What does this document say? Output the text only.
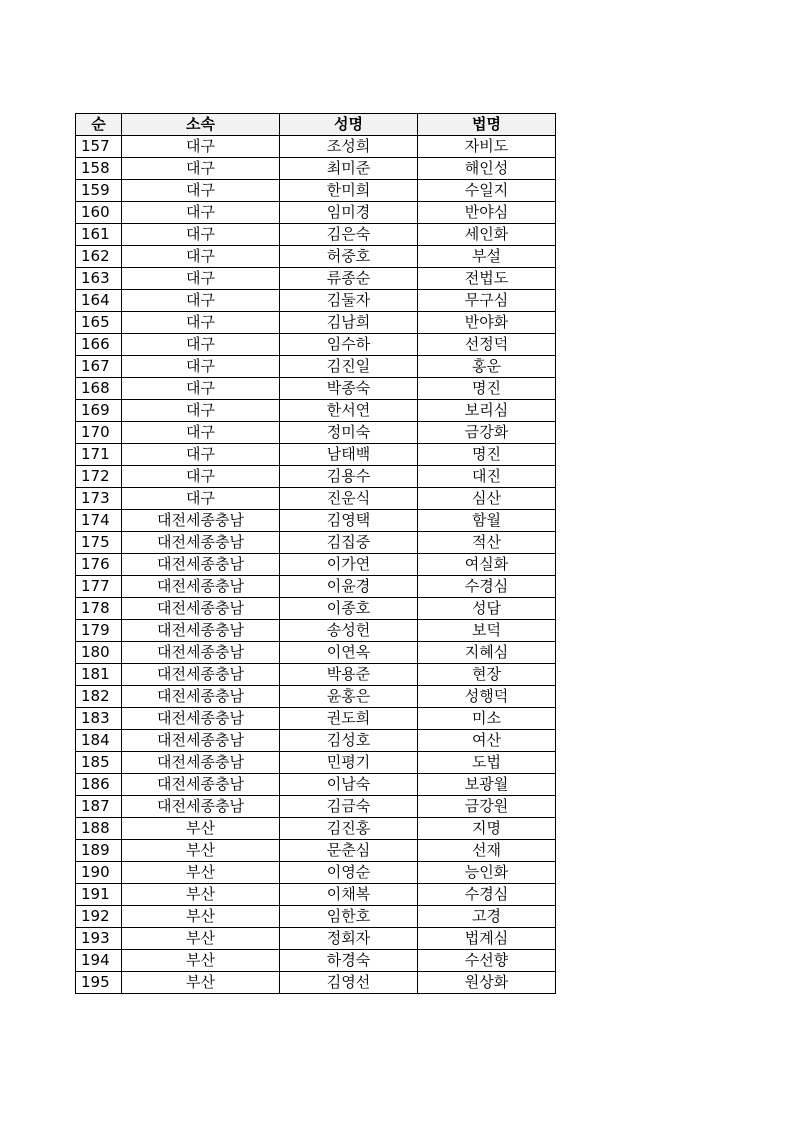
순	소속	성명	법명
157	대구	조성희	자비도
158	대구	최미준	해인성
159	대구	한미희	수일지
160	대구	임미경	반야심
161	대구	김은숙	세인화
162	대구	허중호	부설
163	대구	류종순	전법도
164	대구	김둘자	무구심
165	대구	김남희	반야화
166	대구	임수하	선정덕
167	대구	김진일	홍운
168	대구	박종숙	명진
169	대구	한서연	보리심
170	대구	정미숙	금강화
171	대구	남태백	명진
172	대구	김용수	대진
173	대구	진운식	심산
174	대전세종충남	김영택	함월
175	대전세종충남	김집중	적산
176	대전세종충남	이가연	여실화
177	대전세종충남	이윤경	수경심
178	대전세종충남	이종호	성담
179	대전세종충남	송성헌	보덕
180	대전세종충남	이연옥	지혜심
181	대전세종충남	박용준	현장
182	대전세종충남	윤홍은	성행덕
183	대전세종충남	권도희	미소
184	대전세종충남	김성호	여산
185	대전세종충남	민평기	도법
186	대전세종충남	이남숙	보광월
187	대전세종충남	김금숙	금강원
188	부산	김진홍	지명
189	부산	문춘심	선재
190	부산	이영순	능인화
191	부산	이채복	수경심
192	부산	임한호	고경
193	부산	정회자	법계심
194	부산	하경숙	수선향
195	부산	김영선	원상화
